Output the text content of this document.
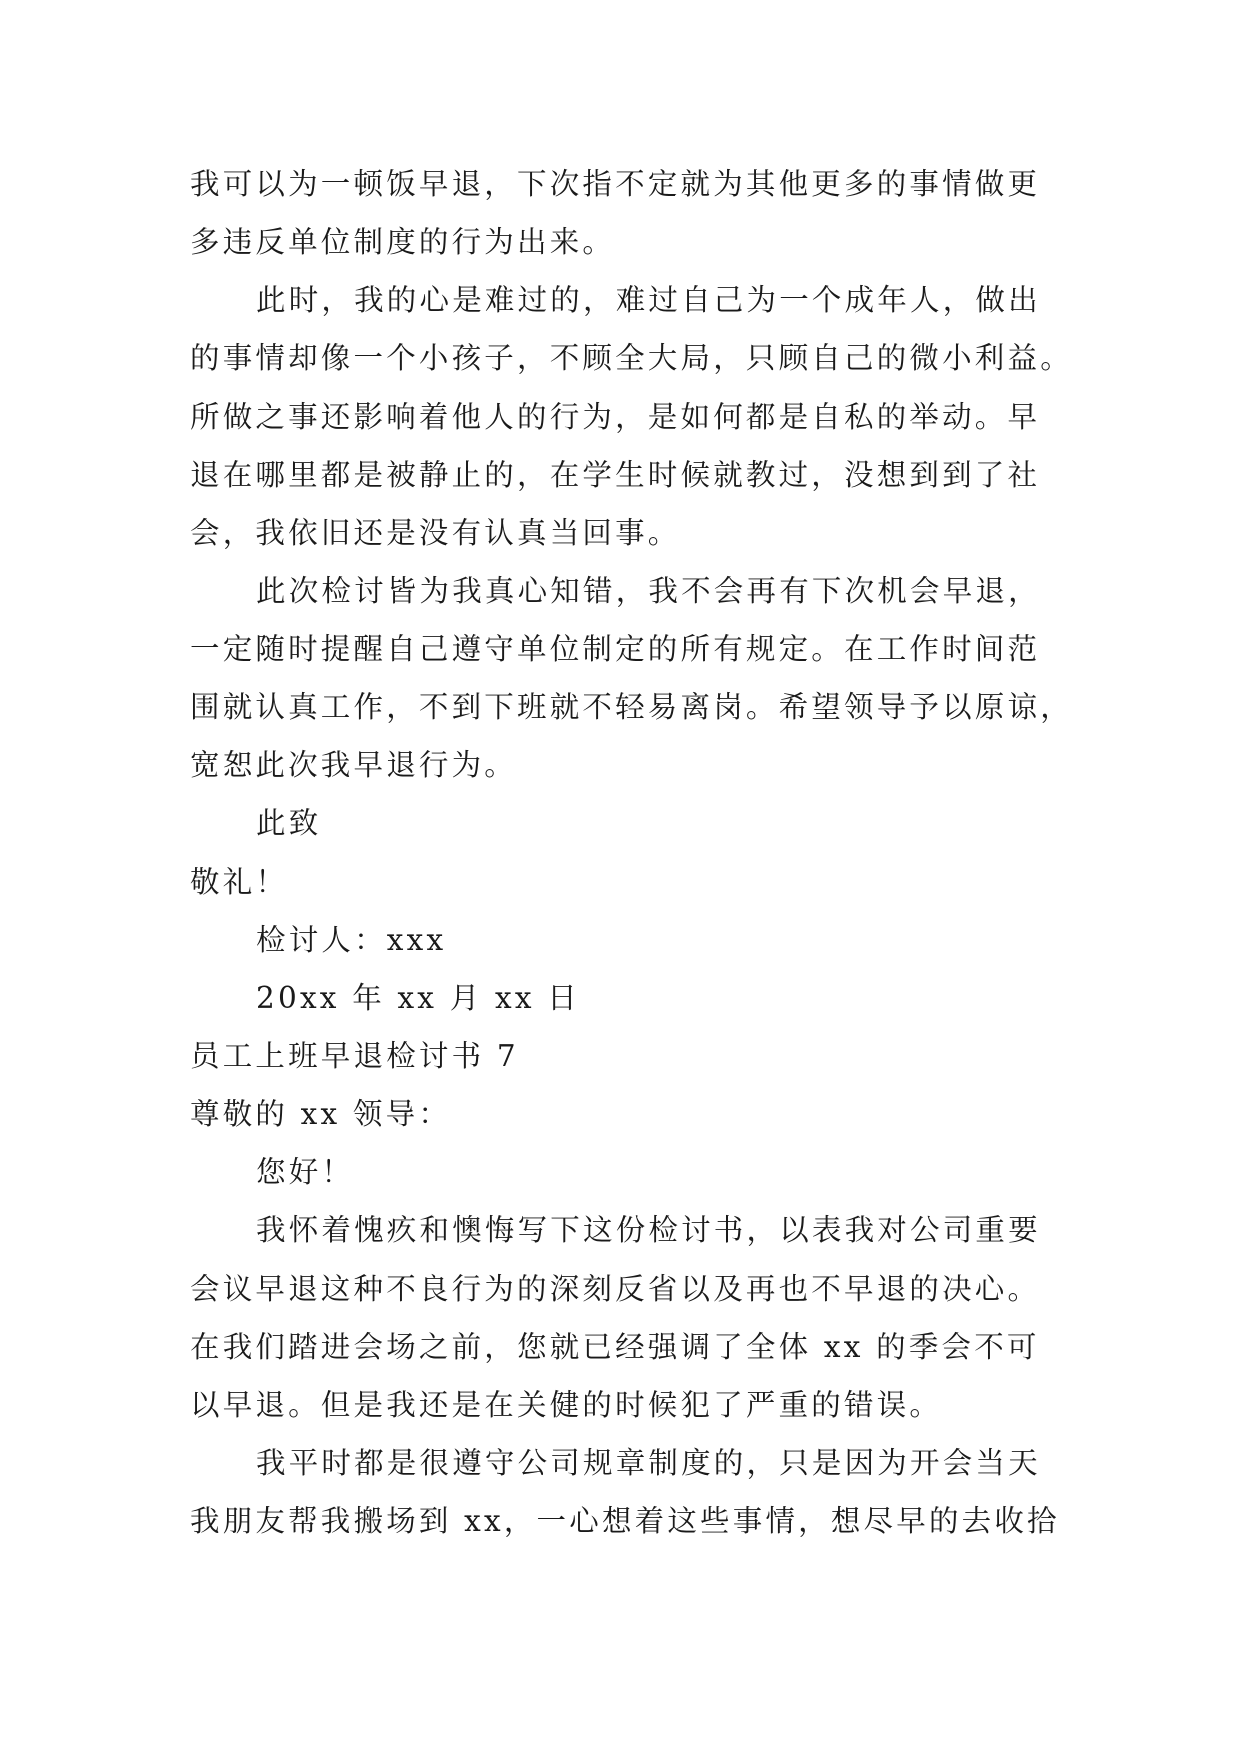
我可以为一顿饭早退，下次指不定就为其他更多的事情做更
多违反单位制度的行为出来。
此时，我的心是难过的，难过自己为一个成年人，做出
的事情却像一个小孩子，不顾全大局，只顾自己的微小利益。
所做之事还影响着他人的行为，是如何都是自私的举动。早
退在哪里都是被静止的，在学生时候就教过，没想到到了社
会，我依旧还是没有认真当回事。
此次检讨皆为我真心知错，我不会再有下次机会早退，
一定随时提醒自己遵守单位制定的所有规定。在工作时间范
围就认真工作，不到下班就不轻易离岗。希望领导予以原谅，
宽恕此次我早退行为。
此致
敬礼！
检讨人：xxx
20xx 年 xx 月 xx 日
员工上班早退检讨书 7
尊敬的 xx 领导：
您好！
我怀着愧疚和懊悔写下这份检讨书，以表我对公司重要
会议早退这种不良行为的深刻反省以及再也不早退的决心。
在我们踏进会场之前，您就已经强调了全体 xx 的季会不可
以早退。但是我还是在关健的时候犯了严重的错误。
我平时都是很遵守公司规章制度的，只是因为开会当天
我朋友帮我搬场到 xx，一心想着这些事情，想尽早的去收拾
